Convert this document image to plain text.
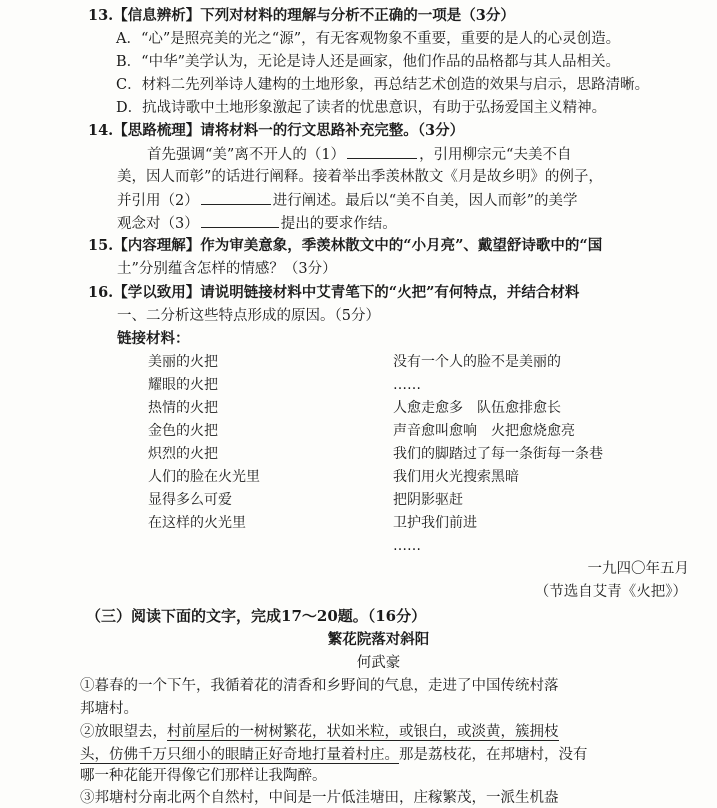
13.【信息辨析】下列对材料的理解与分析不正确的一项是（3分）
A．“心”是照亮美的光之“源”，有无客观物象不重要，重要的是人的心灵创造。
B．“中华”美学认为，无论是诗人还是画家，他们作品的品格都与其人品相关。
C．材料二先列举诗人建构的土地形象，再总结艺术创造的效果与启示，思路清晰。
D．抗战诗歌中土地形象激起了读者的忧患意识，有助于弘扬爱国主义精神。
14.【思路梳理】请将材料一的行文思路补充完整。（3分）
首先强调“美”离不开人的（1）	，引用柳宗元“夫美不自
美，因人而彰”的话进行阐释。接着举出季羡林散文《月是故乡明》的例子，
并引用（2）	进行阐述。最后以“美不自美，因人而彰”的美学
观念对（3）	提出的要求作结。
15.【内容理解】作为审美意象，季羡林散文中的“小月亮”、戴望舒诗歌中的“国
土”分别蕴含怎样的情感？（3分）
16.【学以致用】请说明链接材料中艾青笔下的“火把”有何特点，并结合材料
一、二分析这些特点形成的原因。（5分）
链接材料：
美丽的火把
耀眼的火把
热情的火把
金色的火把
炽烈的火把
人们的脸在火光里
显得多么可爱
在这样的火光里
没有一个人的脸不是美丽的
……
人愈走愈多　队伍愈排愈长
声音愈叫愈响　火把愈烧愈亮
我们的脚踏过了每一条街每一条巷
我们用火光搜索黑暗
把阴影驱赶
卫护我们前进
……
一九四〇年五月
（节选自艾青《火把》）
（三）阅读下面的文字，完成17～20题。（16分）
繁花院落对斜阳
何武豪
①暮春的一个下午，我循着花的清香和乡野间的气息，走进了中国传统村落
邦塘村。
②放眼望去，村前屋后的一树树繁花，状如米粒，或银白，或淡黄，簇拥枝
头，仿佛千万只细小的眼睛正好奇地打量着村庄。那是荔枝花，在邦塘村，没有
哪一种花能开得像它们那样让我陶醉。
③邦塘村分南北两个自然村，中间是一片低洼塘田，庄稼繁茂，一派生机盎
